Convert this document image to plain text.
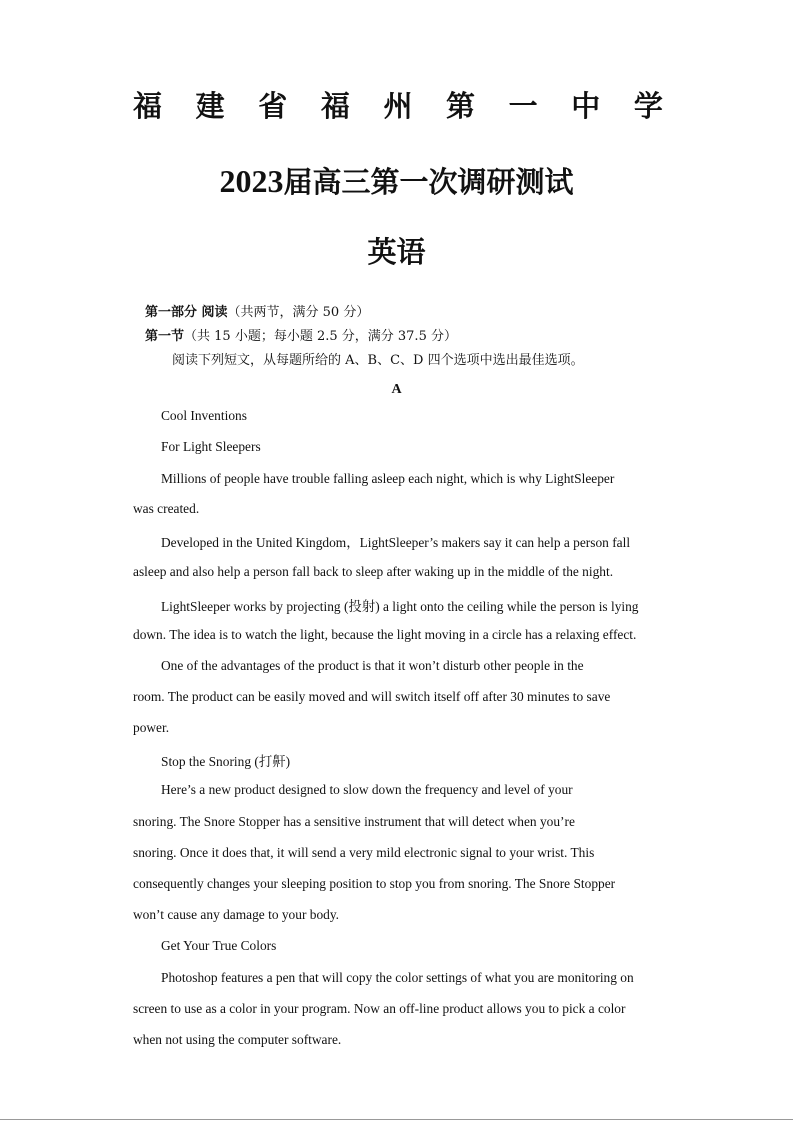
福 建 省 福 州 第 一 中 学
2023届高三第一次调研测试
英语
第一部分 阅读（共两节，满分 50 分）
第一节（共 15 小题；每小题 2.5 分，满分 37.5 分）
阅读下列短文，从每题所给的 A、B、C、D 四个选项中选出最佳选项。
A
Cool Inventions
For Light Sleepers
Millions of people have trouble falling asleep each night, which is why LightSleeper
was created.
Developed in the United Kingdom，LightSleeper’s makers say it can help a person fall
asleep and also help a person fall back to sleep after waking up in the middle of the night.
LightSleeper works by projecting (投射) a light onto the ceiling while the person is lying
down. The idea is to watch the light, because the light moving in a circle has a relaxing effect.
One of the advantages of the product is that it won’t disturb other people in the
room. The product can be easily moved and will switch itself off after 30 minutes to save
power.
Stop the Snoring (打鼾)
Here’s a new product designed to slow down the frequency and level of your
snoring. The Snore Stopper has a sensitive instrument that will detect when you’re
snoring. Once it does that, it will send a very mild electronic signal to your wrist. This
consequently changes your sleeping position to stop you from snoring. The Snore Stopper
won’t cause any damage to your body.
Get Your True Colors
Photoshop features a pen that will copy the color settings of what you are monitoring on
screen to use as a color in your program. Now an off-line product allows you to pick a color
when not using the computer software.
